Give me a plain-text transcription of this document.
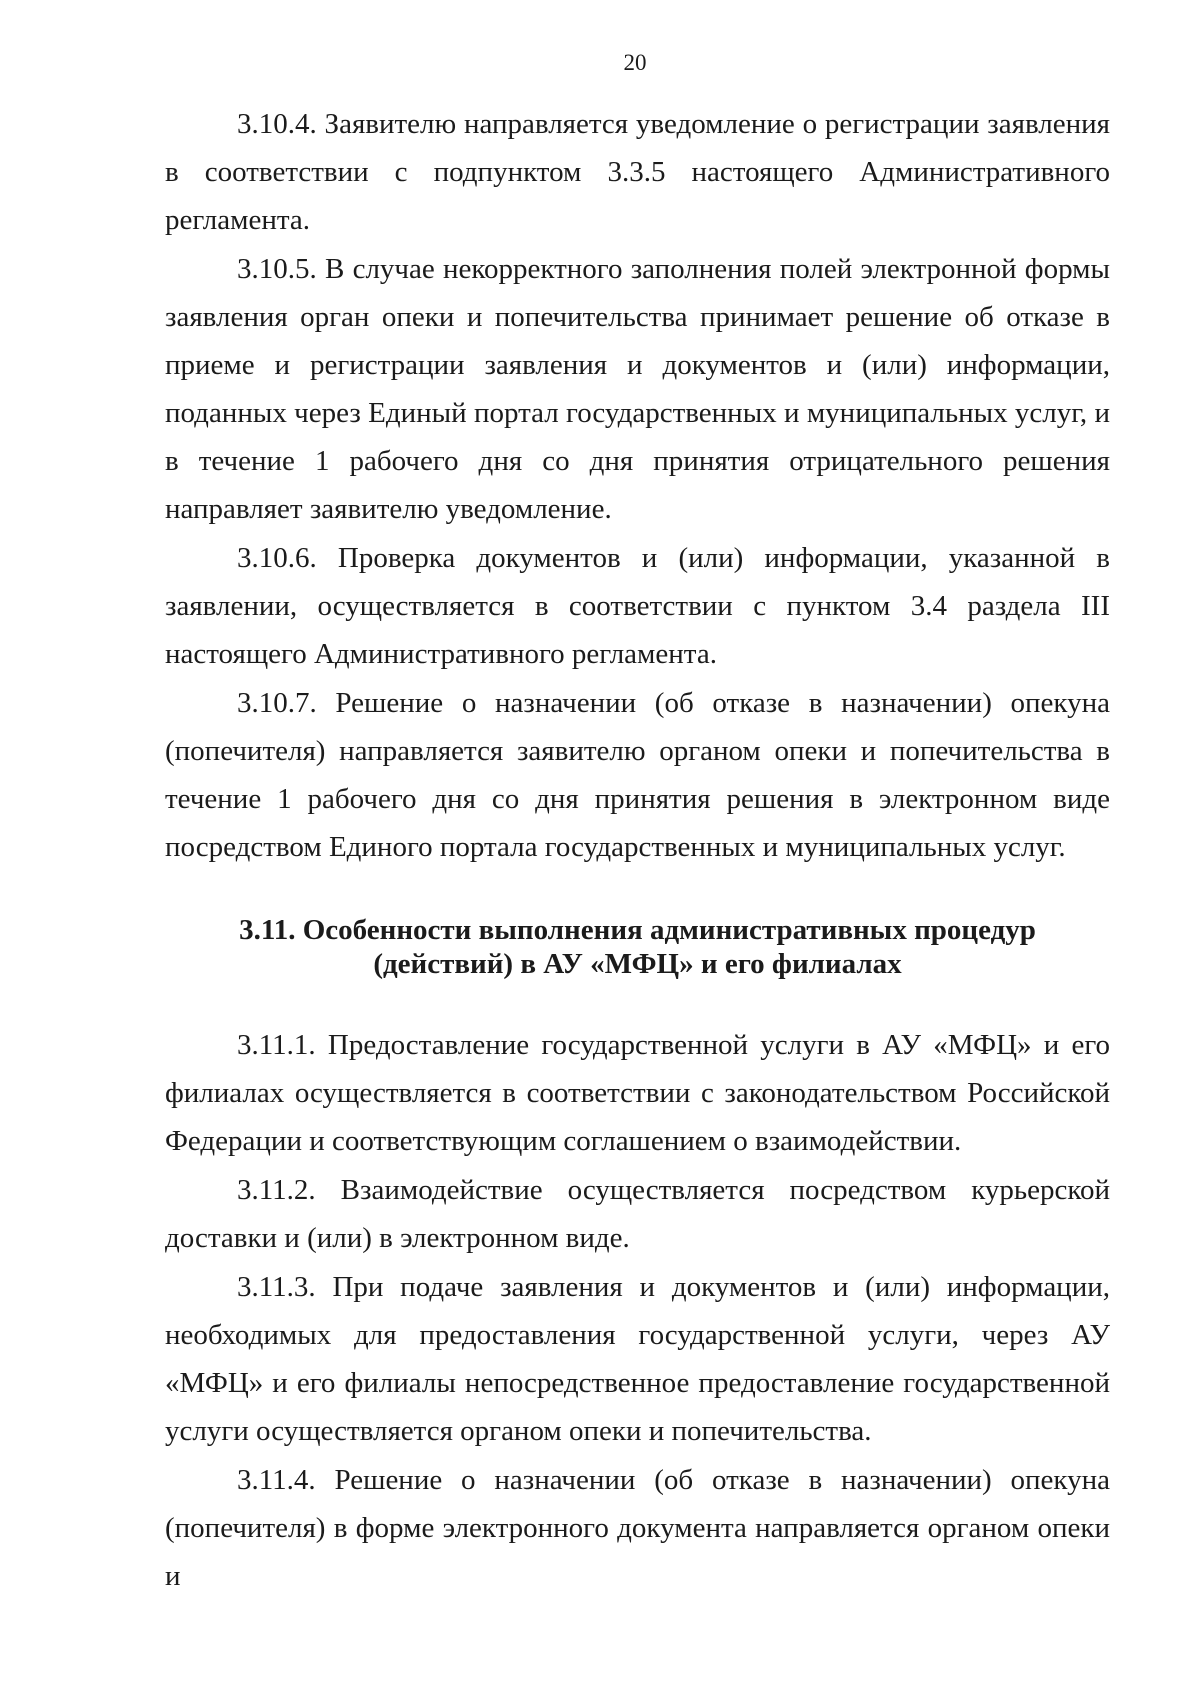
20

3.10.4. Заявителю направляется уведомление о регистрации заявления в соответствии с подпунктом 3.3.5 настоящего Административного регламента.

3.10.5. В случае некорректного заполнения полей электронной формы заявления орган опеки и попечительства принимает решение об отказе в приеме и регистрации заявления и документов и (или) информации, поданных через Единый портал государственных и муниципальных услуг, и в течение 1 рабочего дня со дня принятия отрицательного решения направляет заявителю уведомление.

3.10.6. Проверка документов и (или) информации, указанной в заявлении, осуществляется в соответствии с пунктом 3.4 раздела III настоящего Административного регламента.

3.10.7. Решение о назначении (об отказе в назначении) опекуна (попечителя) направляется заявителю органом опеки и попечительства в течение 1 рабочего дня со дня принятия решения в электронном виде посредством Единого портала государственных и муниципальных услуг.

3.11. Особенности выполнения административных процедур
(действий) в АУ «МФЦ» и его филиалах

3.11.1. Предоставление государственной услуги в АУ «МФЦ» и его филиалах осуществляется в соответствии с законодательством Российской Федерации и соответствующим соглашением о взаимодействии.

3.11.2. Взаимодействие осуществляется посредством курьерской доставки и (или) в электронном виде.

3.11.3. При подаче заявления и документов и (или) информации, необходимых для предоставления государственной услуги, через АУ «МФЦ» и его филиалы непосредственное предоставление государственной услуги осуществляется органом опеки и попечительства.

3.11.4. Решение о назначении (об отказе в назначении) опекуна (попечителя) в форме электронного документа направляется органом опеки и
